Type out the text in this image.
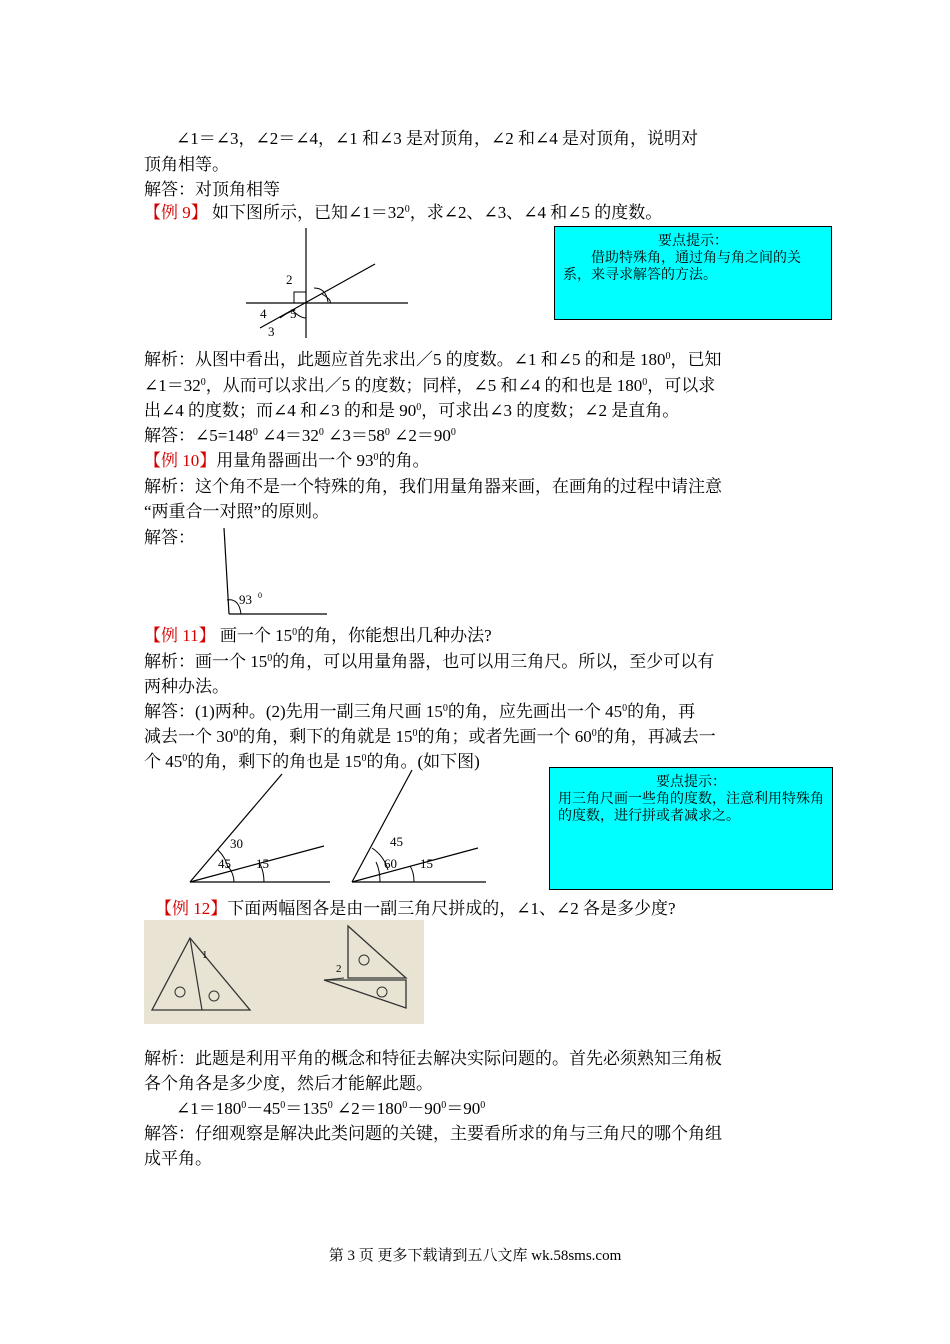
∠1＝∠3，∠2＝∠4，∠1 和∠3 是对顶角，∠2 和∠4 是对顶角，说明对
顶角相等。
解答：对顶角相等
【例 9】 如下图所示，已知$\angle 1=32^0$，求∠2、∠3、∠4 和∠5 的度数。
2
4 5
3
要点提示：
借助特殊角，通过角与角之间的关系，来寻求解答的方法。
解析：从图中看出，此题应首先求出／5 的度数。∠1 和∠5 的和是 $180^0$，已知
$\angle 1=32^0$，从而可以求出／5 的度数；同样，∠5 和∠4 的和也是 $180^0$，可以求
出∠4 的度数；而∠4 和∠3 的和是 $90^0$，可求出∠3 的度数；∠2 是直角。
解答：$\angle 5=148^0$ $\angle 4=32^0$ $\angle 3=58^0$ $\angle 2=90^0$
【例 10】用量角器画出一个 $93^0$的角。
解析：这个角不是一个特殊的角，我们用量角器来画，在画角的过程中请注意
“两重合一对照”的原则。
解答：
93 0
【例 11】 画一个 $15^0$的角，你能想出几种办法?
解析：画一个 $15^0$的角，可以用量角器，也可以用三角尺。所以，至少可以有
两种办法。
解答：(1)两种。(2)先用一副三角尺画 $15^0$的角，应先画出一个 $45^0$的角，再
减去一个 $30^0$的角，剩下的角就是 $15^0$的角；或者先画一个 $60^0$的角，再减去一
个 $45^0$的角，剩下的角也是 $15^0$的角。(如下图)
30
45 15
45
60 15
要点提示：
用三角尺画一些角的度数，注意利用特殊角的度数，进行拼或者减求之。
【例 12】下面两幅图各是由一副三角尺拼成的，∠1、∠2 各是多少度?
1
2
解析：此题是利用平角的概念和特征去解决实际问题的。首先必须熟知三角板
各个角各是多少度，然后才能解此题。
$\angle 1=180^0-45^0=135^0$ $\angle 2=180^0-90^0=90^0$
解答：仔细观察是解决此类问题的关键，主要看所求的角与三角尺的哪个角组
成平角。
第 3 页 更多下载请到五八文库 wk.58sms.com
